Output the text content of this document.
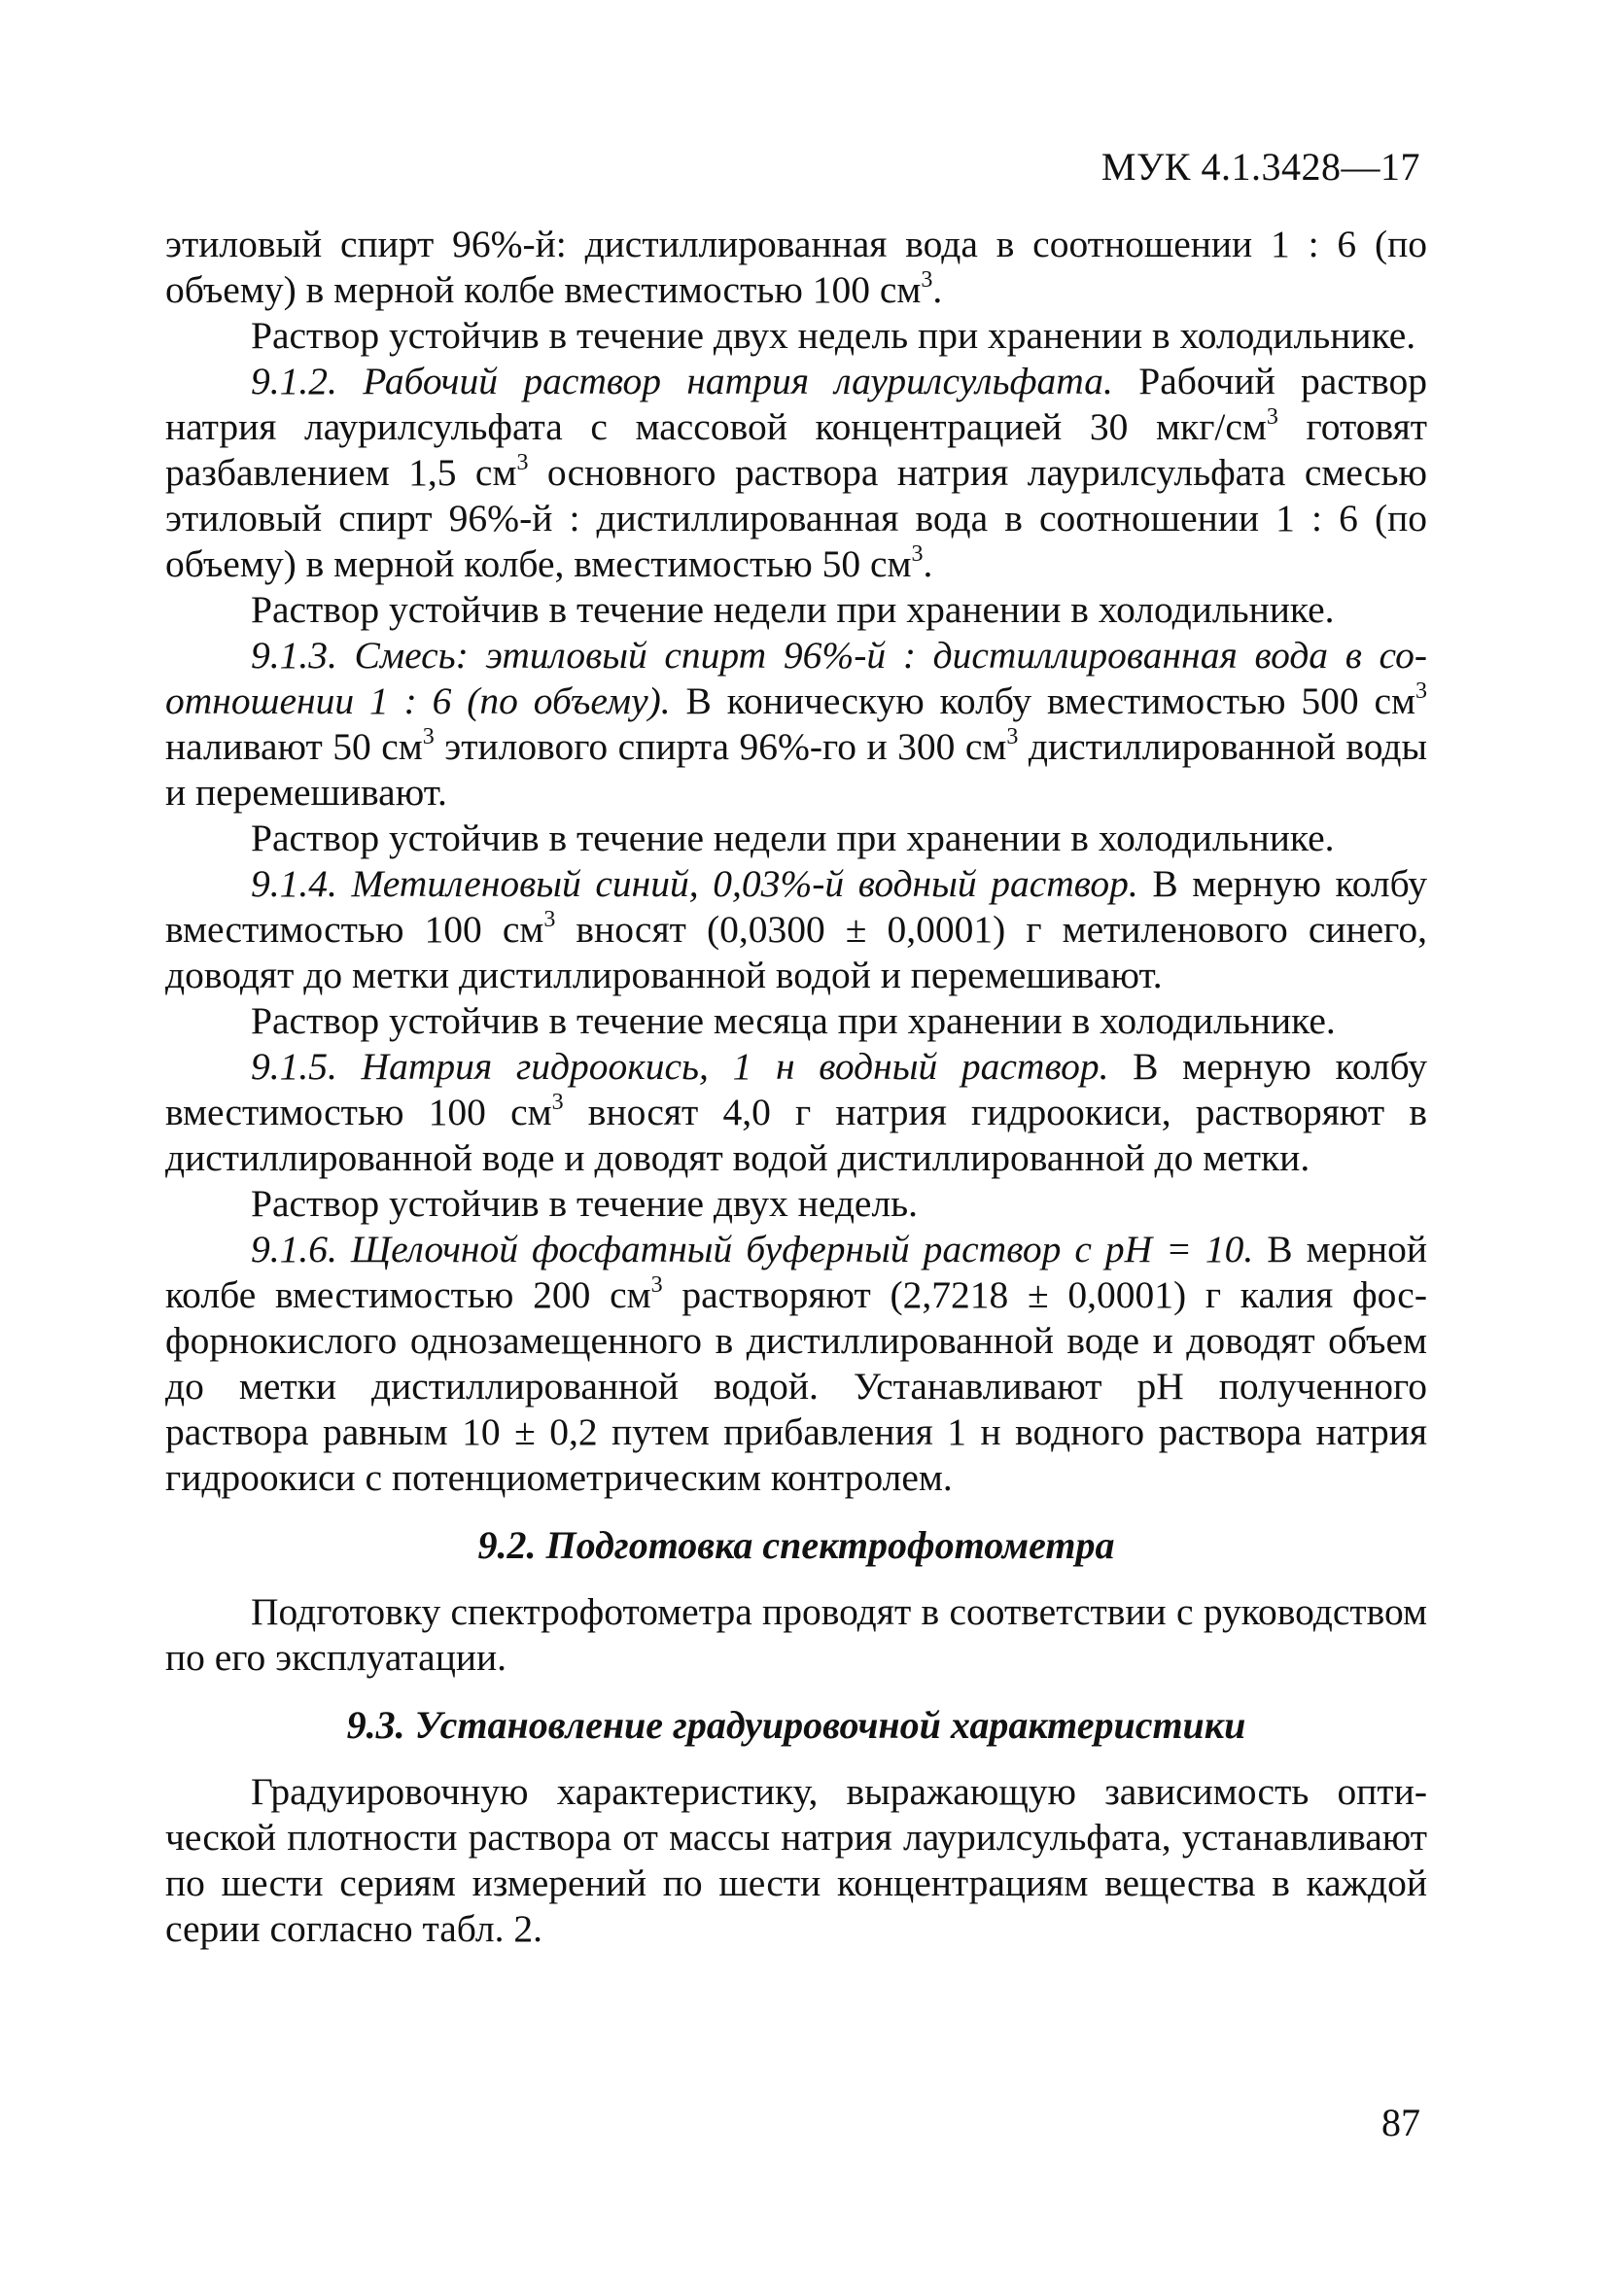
МУК 4.1.3428—17

этиловый спирт 96%-й: дистиллированная вода в соотношении 1 : 6 (по объему) в мерной колбе вместимостью 100 $см^3$.

Раствор устойчив в течение двух недель при хранении в холодильнике.

9.1.2. Рабочий раствор натрия лаурилсульфата. Рабочий раствор натрия лаурилсульфата с массовой концентрацией 30 мкг/$см^3$ готовят разбавлением 1,5 $см^3$ основного раствора натрия лаурилсульфата смесью этиловый спирт 96%-й : дистиллированная вода в соотношении 1 : 6 (по объему) в мерной колбе, вместимостью 50 $см^3$.

Раствор устойчив в течение недели при хранении в холодильнике.

9.1.3. Смесь: этиловый спирт 96%-й : дистиллированная вода в соотношении 1 : 6 (по объему). В коническую колбу вместимостью 500 $см^3$ наливают 50 $см^3$ этилового спирта 96%-го и 300 $см^3$ дистиллированной воды и перемешивают.

Раствор устойчив в течение недели при хранении в холодильнике.

9.1.4. Метиленовый синий, 0,03%-й водный раствор. В мерную колбу вместимостью 100 $см^3$ вносят (0,0300 ± 0,0001) г метиленового синего, доводят до метки дистиллированной водой и перемешивают.

Раствор устойчив в течение месяца при хранении в холодильнике.

9.1.5. Натрия гидроокись, 1 н водный раствор. В мерную колбу вместимостью 100 $см^3$ вносят 4,0 г натрия гидроокиси, растворяют в дистиллированной воде и доводят водой дистиллированной до метки.

Раствор устойчив в течение двух недель.

9.1.6. Щелочной фосфатный буферный раствор с pH = 10. В мерной колбе вместимостью 200 $см^3$ растворяют (2,7218 ± 0,0001) г калия фосфорнокислого однозамещенного в дистиллированной воде и доводят объем до метки дистиллированной водой. Устанавливают pH полученного раствора равным 10 ± 0,2 путем прибавления 1 н водного раствора натрия гидроокиси с потенциометрическим контролем.

9.2. Подготовка спектрофотометра

Подготовку спектрофотометра проводят в соответствии с руководством по его эксплуатации.

9.3. Установление градуировочной характеристики

Градуировочную характеристику, выражающую зависимость оптической плотности раствора от массы натрия лаурилсульфата, устанавливают по шести сериям измерений по шести концентрациям вещества в каждой серии согласно табл. 2.

87
